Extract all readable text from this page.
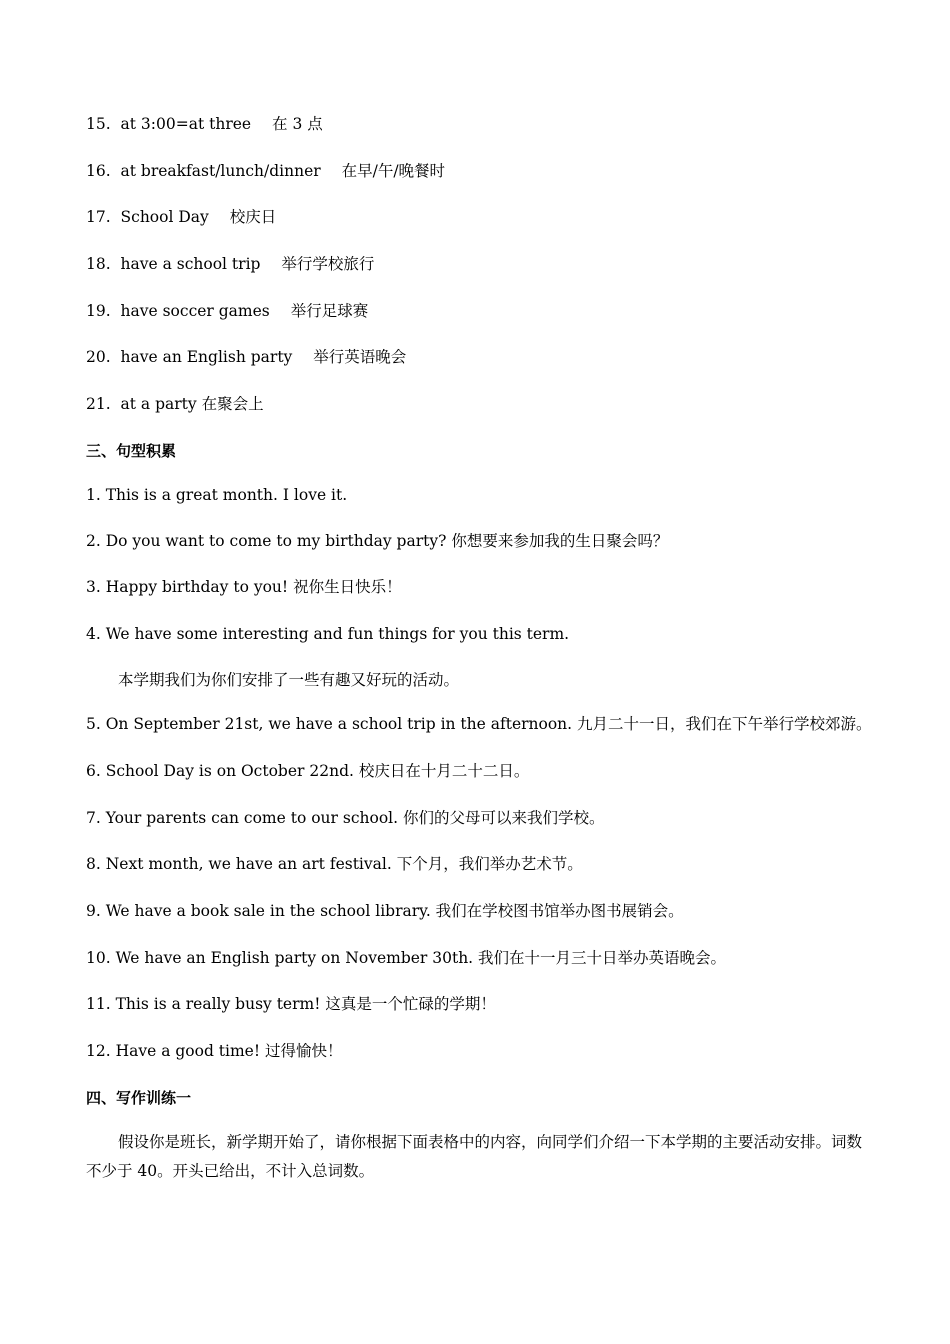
15. at 3:00=at three 在 3 点
16. at breakfast/lunch/dinner 在早/午/晚餐时
17. School Day 校庆日
18. have a school trip 举行学校旅行
19. have soccer games 举行足球赛
20. have an English party 举行英语晚会
21. at a party 在聚会上
三、句型积累
1. This is a great month. I love it.
2. Do you want to come to my birthday party? 你想要来参加我的生日聚会吗？
3. Happy birthday to you! 祝你生日快乐！
4. We have some interesting and fun things for you this term.
本学期我们为你们安排了一些有趣又好玩的活动。
5. On September 21st, we have a school trip in the afternoon. 九月二十一日，我们在下午举行学校郊游。
6. School Day is on October 22nd. 校庆日在十月二十二日。
7. Your parents can come to our school. 你们的父母可以来我们学校。
8. Next month, we have an art festival. 下个月，我们举办艺术节。
9. We have a book sale in the school library. 我们在学校图书馆举办图书展销会。
10. We have an English party on November 30th. 我们在十一月三十日举办英语晚会。
11. This is a really busy term! 这真是一个忙碌的学期！
12. Have a good time! 过得愉快！
四、写作训练一
假设你是班长，新学期开始了，请你根据下面表格中的内容，向同学们介绍一下本学期的主要活动安排。词数不少于 40。开头已给出，不计入总词数。
